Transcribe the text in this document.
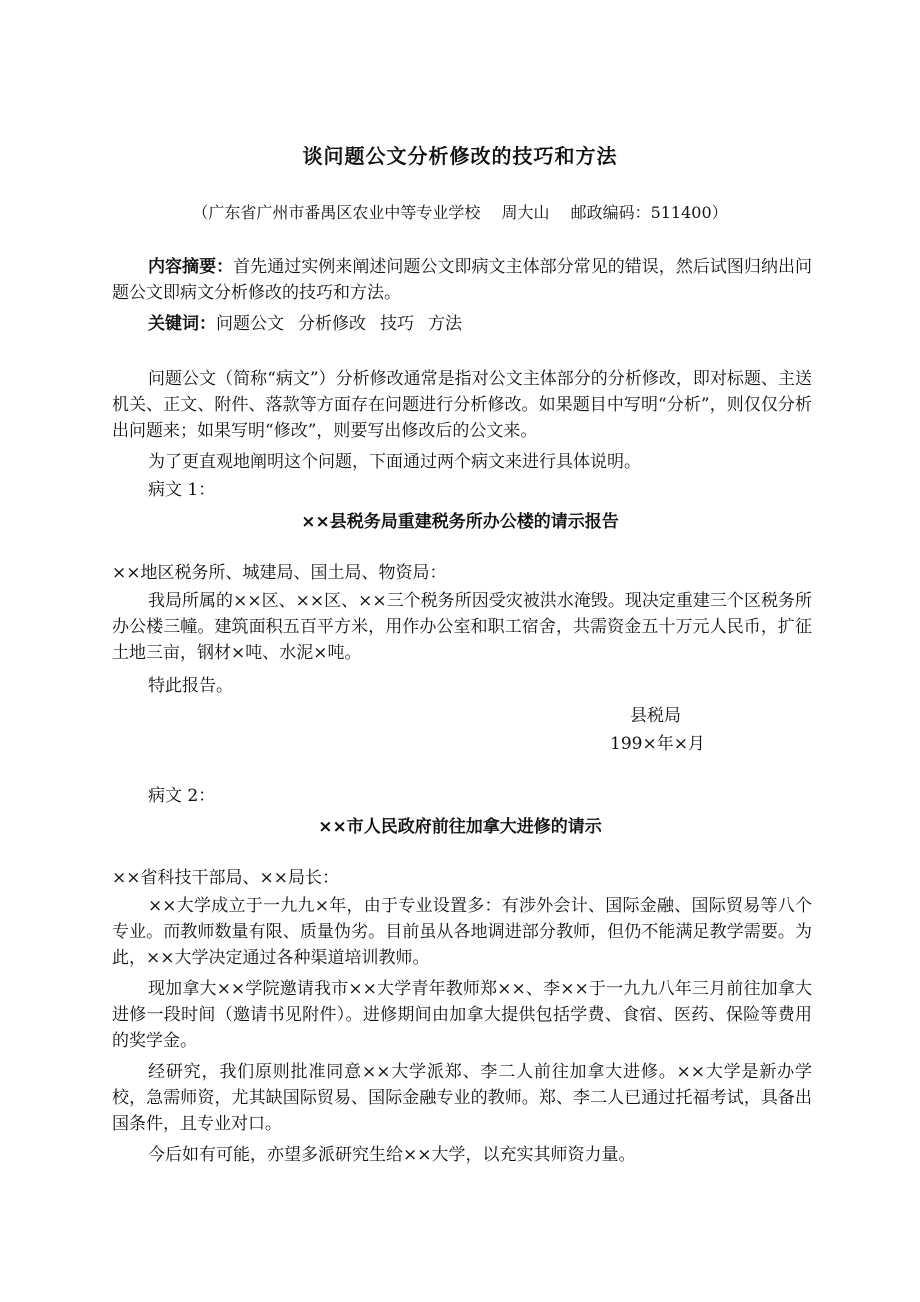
谈问题公文分析修改的技巧和方法
（广东省广州市番禺区农业中等专业学校 周大山 邮政编码：511400）

内容摘要：首先通过实例来阐述问题公文即病文主体部分常见的错误，然后试图归纳出问题公文即病文分析修改的技巧和方法。

关键词：问题公文 分析修改 技巧 方法

问题公文（简称“病文”）分析修改通常是指对公文主体部分的分析修改，即对标题、主送机关、正文、附件、落款等方面存在问题进行分析修改。如果题目中写明“分析”，则仅仅分析出问题来；如果写明“修改”，则要写出修改后的公文来。

为了更直观地阐明这个问题，下面通过两个病文来进行具体说明。

病文 1：

××县税务局重建税务所办公楼的请示报告

××地区税务所、城建局、国土局、物资局：

我局所属的××区、××区、××三个税务所因受灾被洪水淹毁。现决定重建三个区税务所办公楼三幢。建筑面积五百平方米，用作办公室和职工宿舍，共需资金五十万元人民币，扩征土地三亩，钢材×吨、水泥×吨。

特此报告。

县税局
199×年×月

病文 2：

××市人民政府前往加拿大进修的请示

××省科技干部局、××局长：

××大学成立于一九九×年，由于专业设置多：有涉外会计、国际金融、国际贸易等八个专业。而教师数量有限、质量伪劣。目前虽从各地调进部分教师，但仍不能满足教学需要。为此，××大学决定通过各种渠道培训教师。

现加拿大××学院邀请我市××大学青年教师郑××、李××于一九九八年三月前往加拿大进修一段时间（邀请书见附件）。进修期间由加拿大提供包括学费、食宿、医药、保险等费用的奖学金。

经研究，我们原则批准同意××大学派郑、李二人前往加拿大进修。××大学是新办学校，急需师资，尤其缺国际贸易、国际金融专业的教师。郑、李二人已通过托福考试，具备出国条件，且专业对口。

今后如有可能，亦望多派研究生给××大学，以充实其师资力量。
